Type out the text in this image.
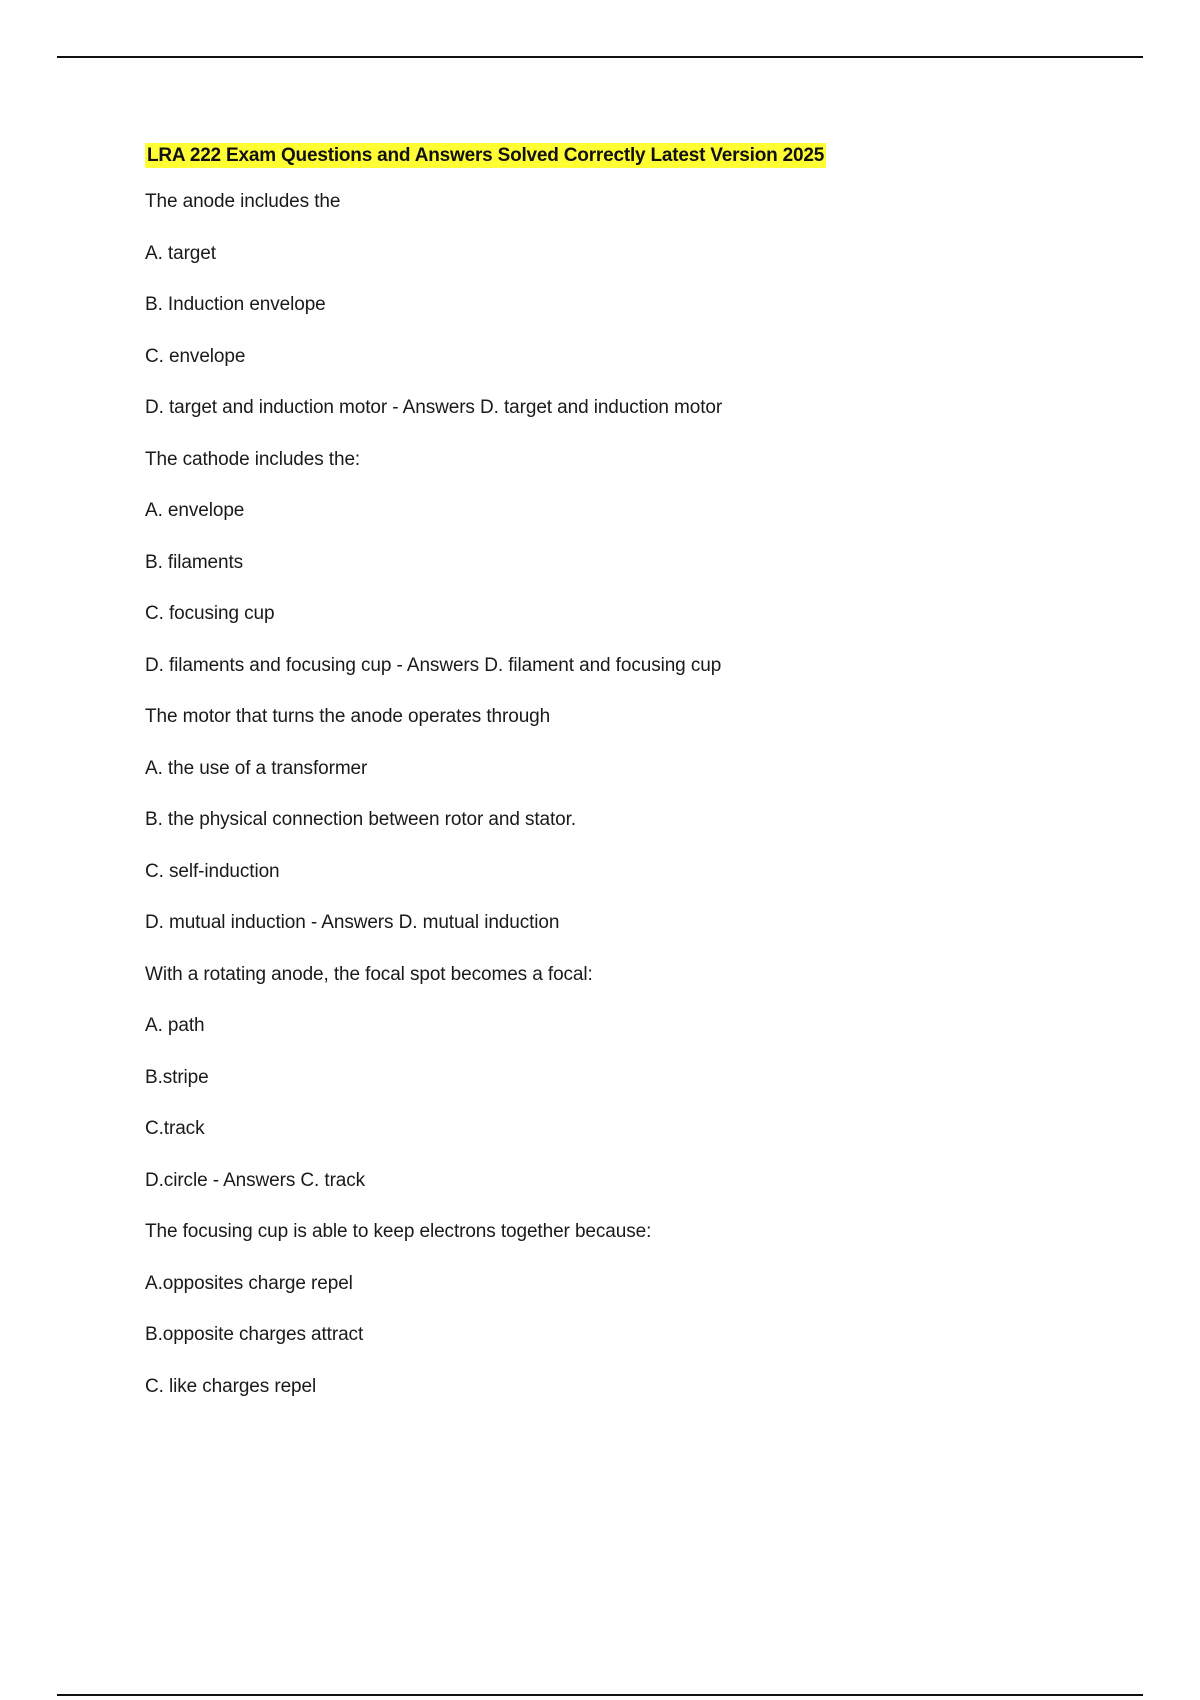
LRA 222 Exam Questions and Answers Solved Correctly Latest Version 2025
The anode includes the
A. target
B. Induction envelope
C. envelope
D. target and induction motor - Answers D. target and induction motor
The cathode includes the:
A. envelope
B. filaments
C. focusing cup
D. filaments and focusing cup - Answers D. filament and focusing cup
The motor that turns the anode operates through
A. the use of a transformer
B. the physical connection between rotor and stator.
C. self-induction
D. mutual induction - Answers D. mutual induction
With a rotating anode, the focal spot becomes a focal:
A. path
B.stripe
C.track
D.circle - Answers C. track
The focusing cup is able to keep electrons together because:
A.opposites charge repel
B.opposite charges attract
C. like charges repel
